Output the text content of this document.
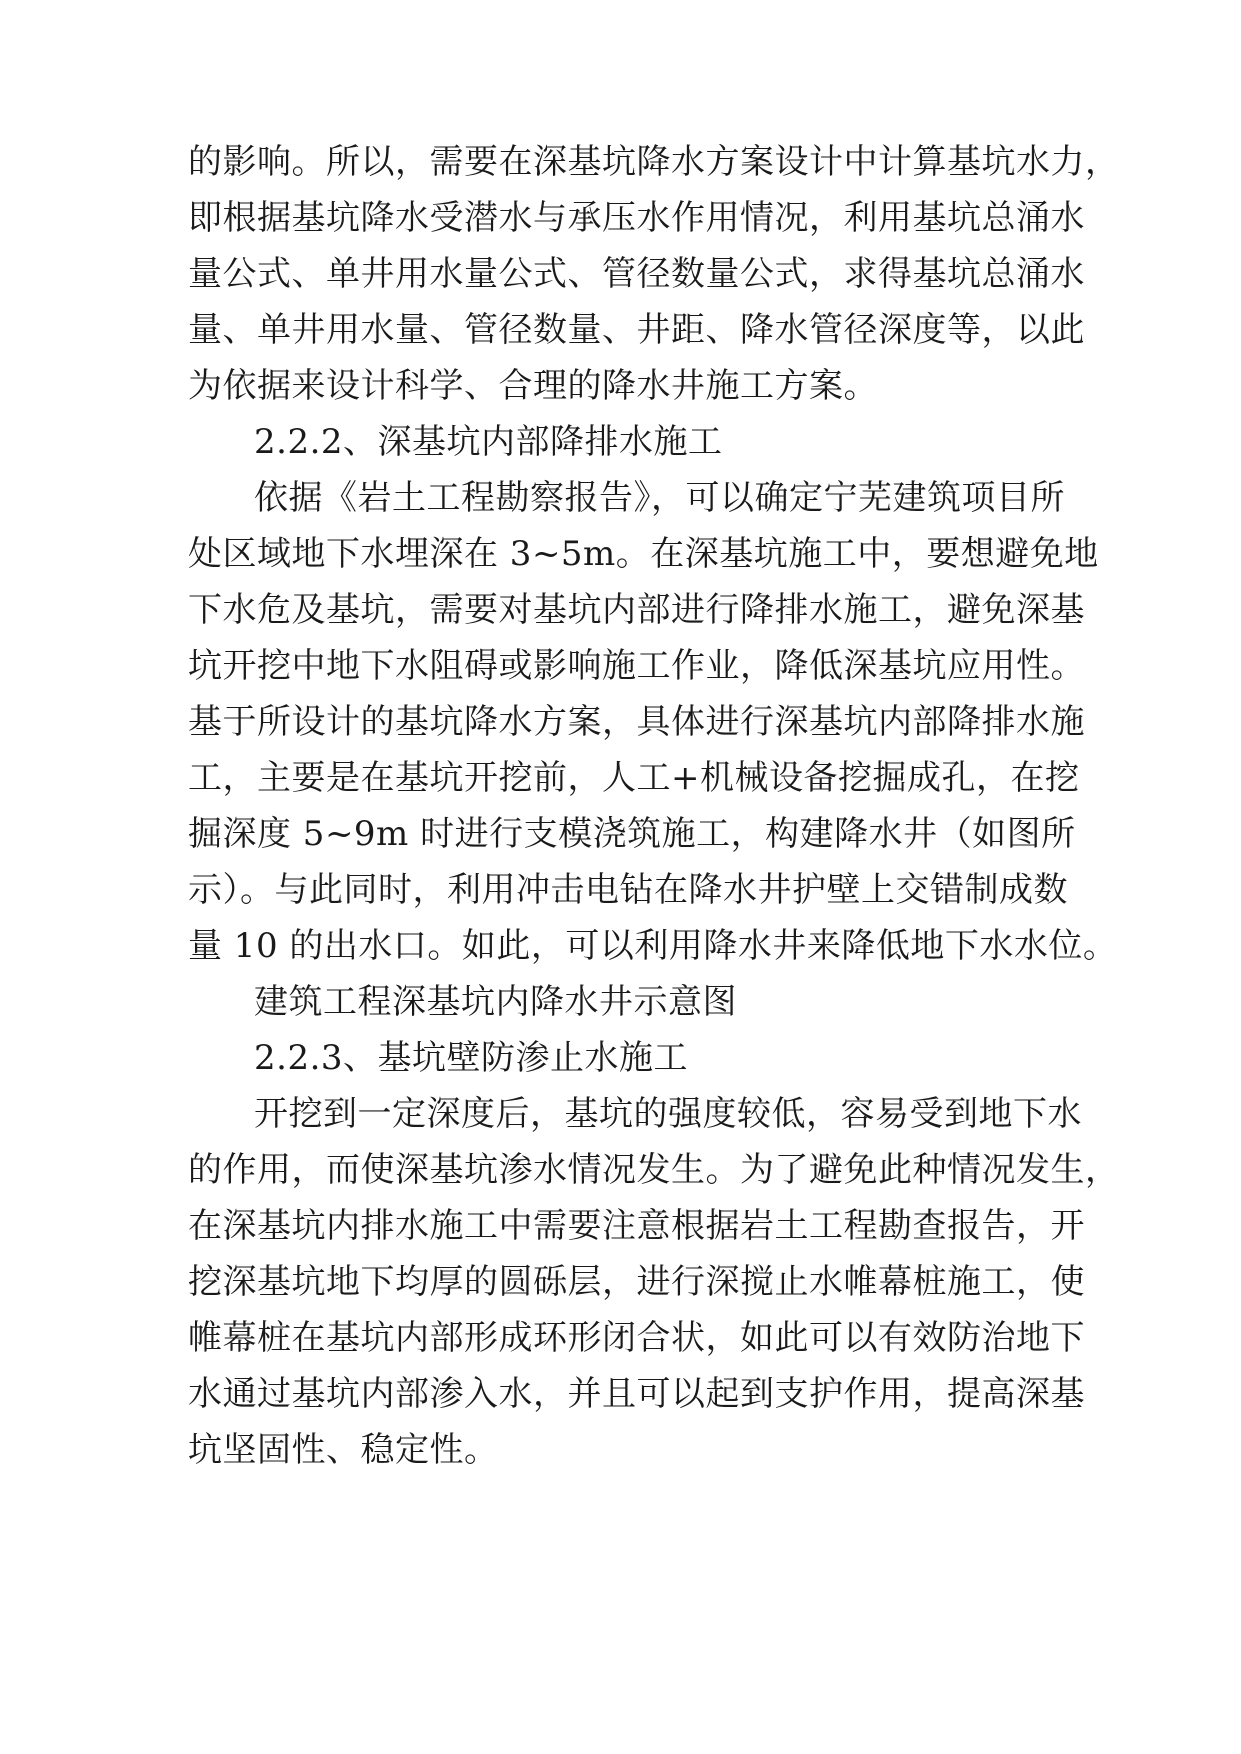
的影响。所以，需要在深基坑降水方案设计中计算基坑水力，
即根据基坑降水受潜水与承压水作用情况，利用基坑总涌水
量公式、单井用水量公式、管径数量公式，求得基坑总涌水
量、单井用水量、管径数量、井距、降水管径深度等，以此
为依据来设计科学、合理的降水井施工方案。
2.2.2、深基坑内部降排水施工
依据《岩土工程勘察报告》，可以确定宁芜建筑项目所
处区域地下水埋深在 3~5m。在深基坑施工中，要想避免地
下水危及基坑，需要对基坑内部进行降排水施工，避免深基
坑开挖中地下水阻碍或影响施工作业，降低深基坑应用性。
基于所设计的基坑降水方案，具体进行深基坑内部降排水施
工，主要是在基坑开挖前，人工+机械设备挖掘成孔，在挖
掘深度 5~9m 时进行支模浇筑施工，构建降水井（如图所
示）。与此同时，利用冲击电钻在降水井护壁上交错制成数
量 10 的出水口。如此，可以利用降水井来降低地下水水位。
建筑工程深基坑内降水井示意图
2.2.3、基坑壁防渗止水施工
开挖到一定深度后，基坑的强度较低，容易受到地下水
的作用，而使深基坑渗水情况发生。为了避免此种情况发生，
在深基坑内排水施工中需要注意根据岩土工程勘查报告，开
挖深基坑地下均厚的圆砾层，进行深搅止水帷幕桩施工，使
帷幕桩在基坑内部形成环形闭合状，如此可以有效防治地下
水通过基坑内部渗入水，并且可以起到支护作用，提高深基
坑坚固性、稳定性。
